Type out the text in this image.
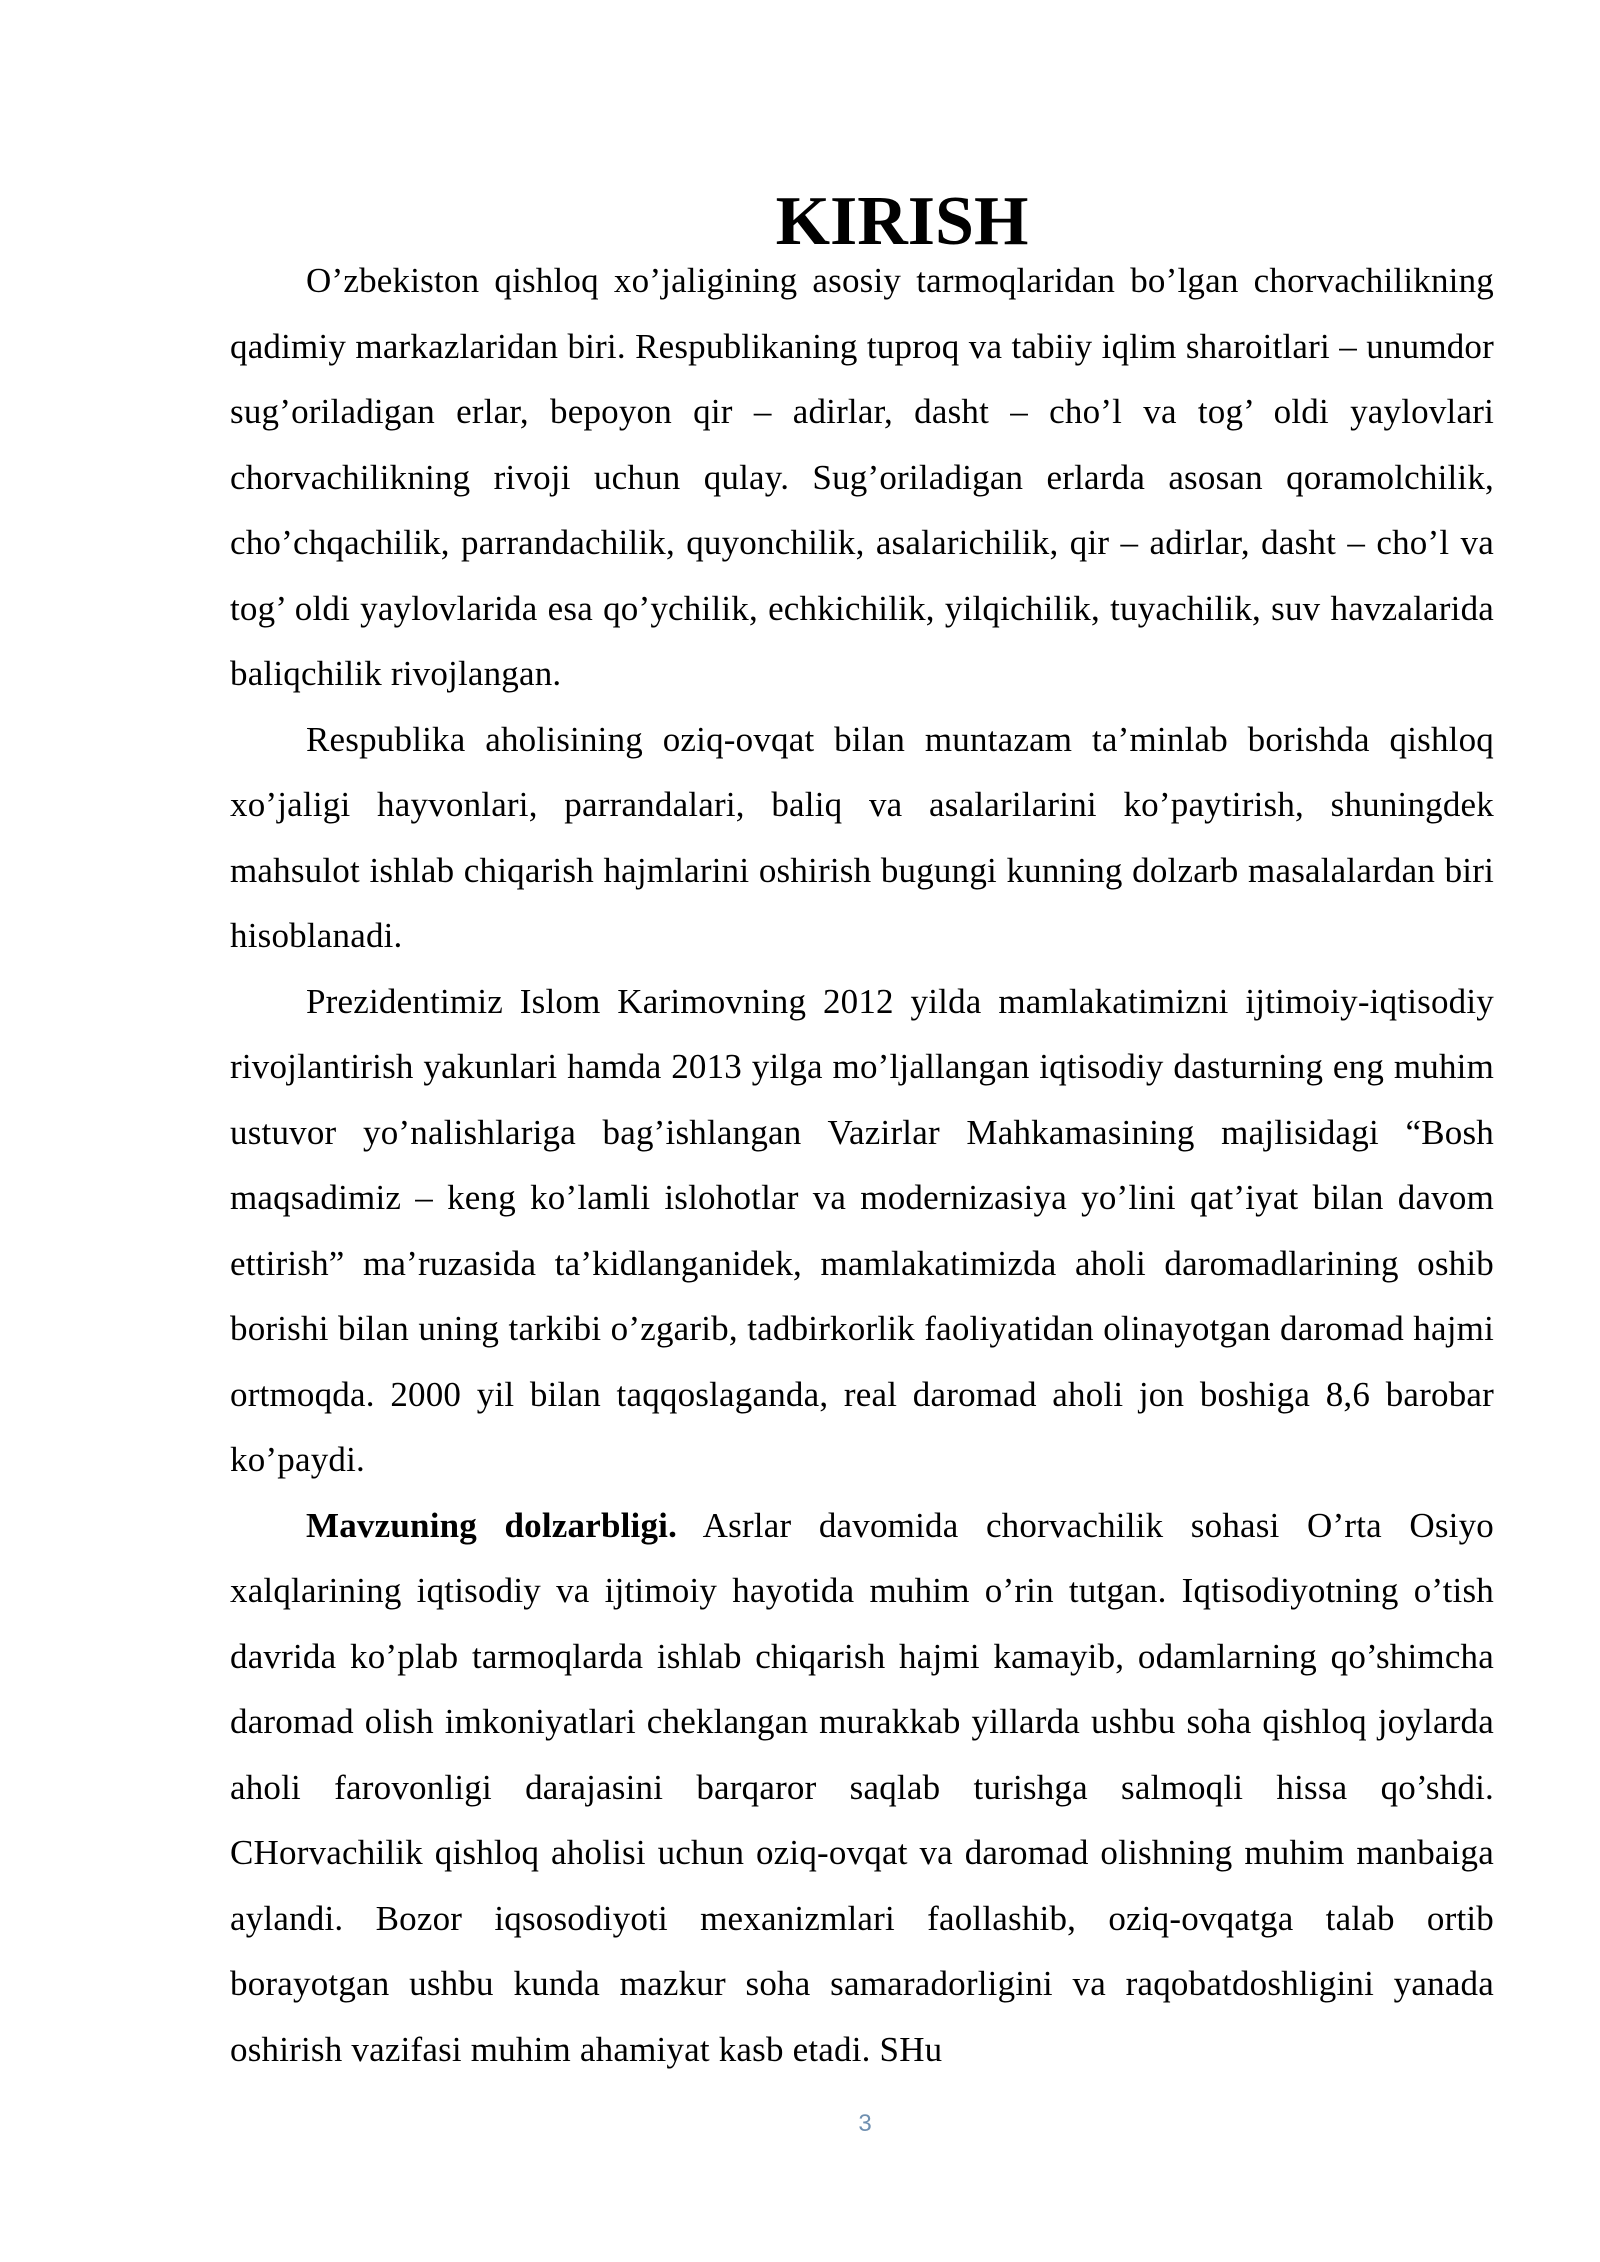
KIRISH

O’zbekiston qishloq xo’jaligining asosiy tarmoqlaridan bo’lgan chorvachilikning qadimiy markazlaridan biri. Respublikaning tuproq va tabiiy iqlim sharoitlari – unumdor sug’oriladigan erlar, bepoyon qir – adirlar, dasht – cho’l va tog’ oldi yaylovlari chorvachilikning rivoji uchun qulay. Sug’oriladigan erlarda asosan qoramolchilik, cho’chqachilik, parrandachilik, quyonchilik, asalarichilik, qir – adirlar, dasht – cho’l va tog’ oldi yaylovlarida esa qo’ychilik, echkichilik, yilqichilik, tuyachilik, suv havzalarida baliqchilik rivojlangan.

Respublika aholisining oziq-ovqat bilan muntazam ta’minlab borishda qishloq xo’jaligi hayvonlari, parrandalari, baliq va asalarilarini ko’paytirish, shuningdek mahsulot ishlab chiqarish hajmlarini oshirish bugungi kunning dolzarb masalalardan biri hisoblanadi.

Prezidentimiz Islom Karimovning 2012 yilda mamlakatimizni ijtimoiy-iqtisodiy rivojlantirish yakunlari hamda 2013 yilga mo’ljallangan iqtisodiy dasturning eng muhim ustuvor yo’nalishlariga bag’ishlangan Vazirlar Mahkamasining majlisidagi “Bosh maqsadimiz – keng ko’lamli islohotlar va modernizasiya yo’lini qat’iyat bilan davom ettirish” ma’ruzasida ta’kidlanganidek, mamlakatimizda aholi daromadlarining oshib borishi bilan uning tarkibi o’zgarib, tadbirkorlik faoliyatidan olinayotgan daromad hajmi ortmoqda. 2000 yil bilan taqqoslaganda, real daromad aholi jon boshiga 8,6 barobar ko’paydi.

Mavzuning dolzarbligi. Asrlar davomida chorvachilik sohasi O’rta Osiyo xalqlarining iqtisodiy va ijtimoiy hayotida muhim o’rin tutgan. Iqtisodiyotning o’tish davrida ko’plab tarmoqlarda ishlab chiqarish hajmi kamayib, odamlarning qo’shimcha daromad olish imkoniyatlari cheklangan murakkab yillarda ushbu soha qishloq joylarda aholi farovonligi darajasini barqaror saqlab turishga salmoqli hissa qo’shdi. CHorvachilik qishloq aholisi uchun oziq-ovqat va daromad olishning muhim manbaiga aylandi. Bozor iqsosodiyoti mexanizmlari faollashib, oziq-ovqatga talab ortib borayotgan ushbu kunda mazkur soha samaradorligini va raqobatdoshligini yanada oshirish vazifasi muhim ahamiyat kasb etadi. SHu

3
